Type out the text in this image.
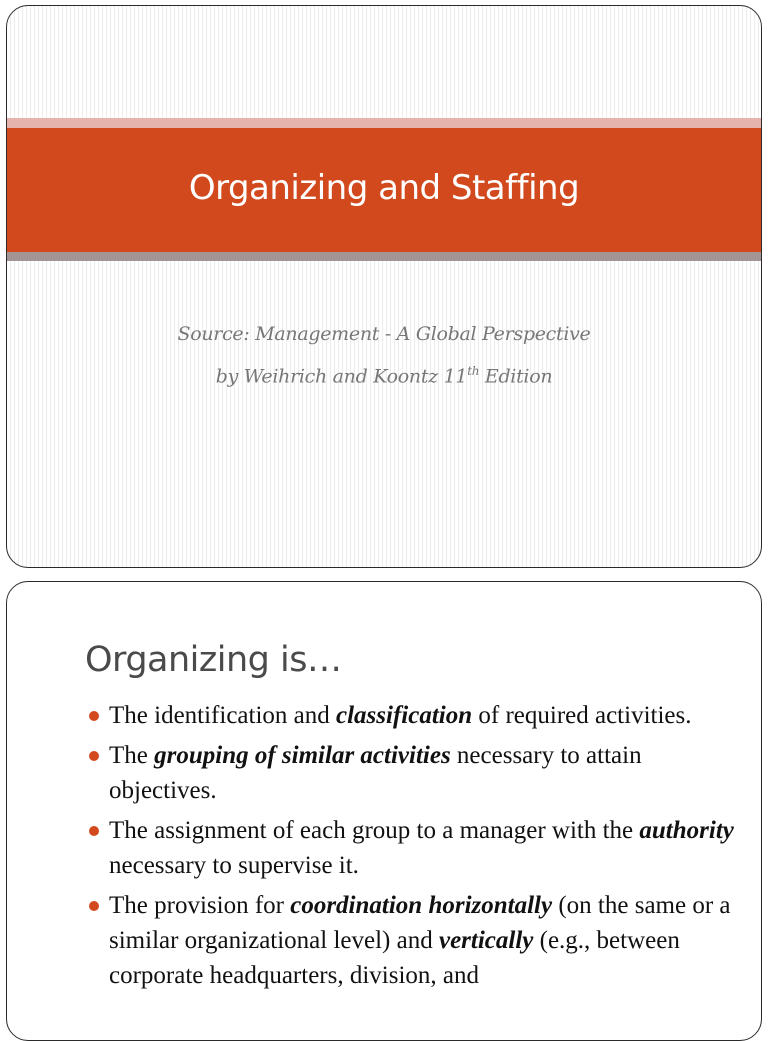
Organizing and Staffing
Source: Management - A Global Perspective
by Weihrich and Koontz 11th Edition
Organizing is…
The identification and classification of required activities.
The grouping of similar activities necessary to attain objectives.
The assignment of each group to a manager with the authority necessary to supervise it.
The provision for coordination horizontally (on the same or a similar organizational level) and vertically (e.g., between corporate headquarters, division, and
